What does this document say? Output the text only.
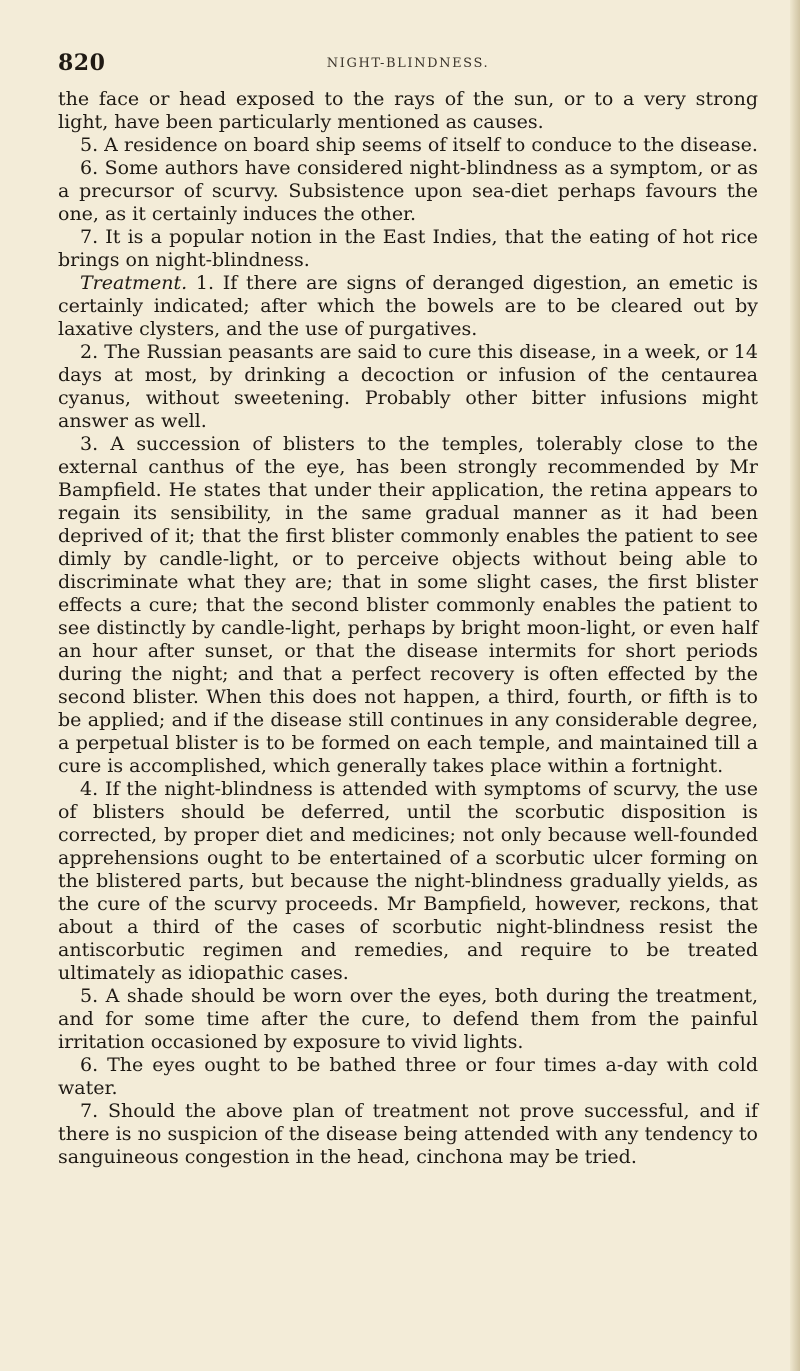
820	NIGHT-BLINDNESS.

the face or head exposed to the rays of the sun, or to a very strong light, have been particularly mentioned as causes.

5. A residence on board ship seems of itself to conduce to the disease.

6. Some authors have considered night-blindness as a symptom, or as a precursor of scurvy. Subsistence upon sea-diet perhaps favours the one, as it certainly induces the other.

7. It is a popular notion in the East Indies, that the eating of hot rice brings on night-blindness.

Treatment. 1. If there are signs of deranged digestion, an emetic is certainly indicated; after which the bowels are to be cleared out by laxative clysters, and the use of purgatives.

2. The Russian peasants are said to cure this disease, in a week, or 14 days at most, by drinking a decoction or infusion of the centaurea cyanus, without sweetening. Probably other bitter infusions might answer as well.

3. A succession of blisters to the temples, tolerably close to the external canthus of the eye, has been strongly recommended by Mr Bampfield. He states that under their application, the retina appears to regain its sensibility, in the same gradual manner as it had been deprived of it; that the first blister commonly enables the patient to see dimly by candle-light, or to perceive objects without being able to discriminate what they are; that in some slight cases, the first blister effects a cure; that the second blister commonly enables the patient to see distinctly by candle-light, perhaps by bright moon-light, or even half an hour after sunset, or that the disease intermits for short periods during the night; and that a perfect recovery is often effected by the second blister. When this does not happen, a third, fourth, or fifth is to be applied; and if the disease still continues in any considerable degree, a perpetual blister is to be formed on each temple, and maintained till a cure is accomplished, which generally takes place within a fortnight.

4. If the night-blindness is attended with symptoms of scurvy, the use of blisters should be deferred, until the scorbutic disposition is corrected, by proper diet and medicines; not only because well-founded apprehensions ought to be entertained of a scorbutic ulcer forming on the blistered parts, but because the night-blindness gradually yields, as the cure of the scurvy proceeds. Mr Bampfield, however, reckons, that about a third of the cases of scorbutic night-blindness resist the antiscorbutic regimen and remedies, and require to be treated ultimately as idiopathic cases.

5. A shade should be worn over the eyes, both during the treatment, and for some time after the cure, to defend them from the painful irritation occasioned by exposure to vivid lights.

6. The eyes ought to be bathed three or four times a-day with cold water.

7. Should the above plan of treatment not prove successful, and if there is no suspicion of the disease being attended with any tendency to sanguineous congestion in the head, cinchona may be tried.
